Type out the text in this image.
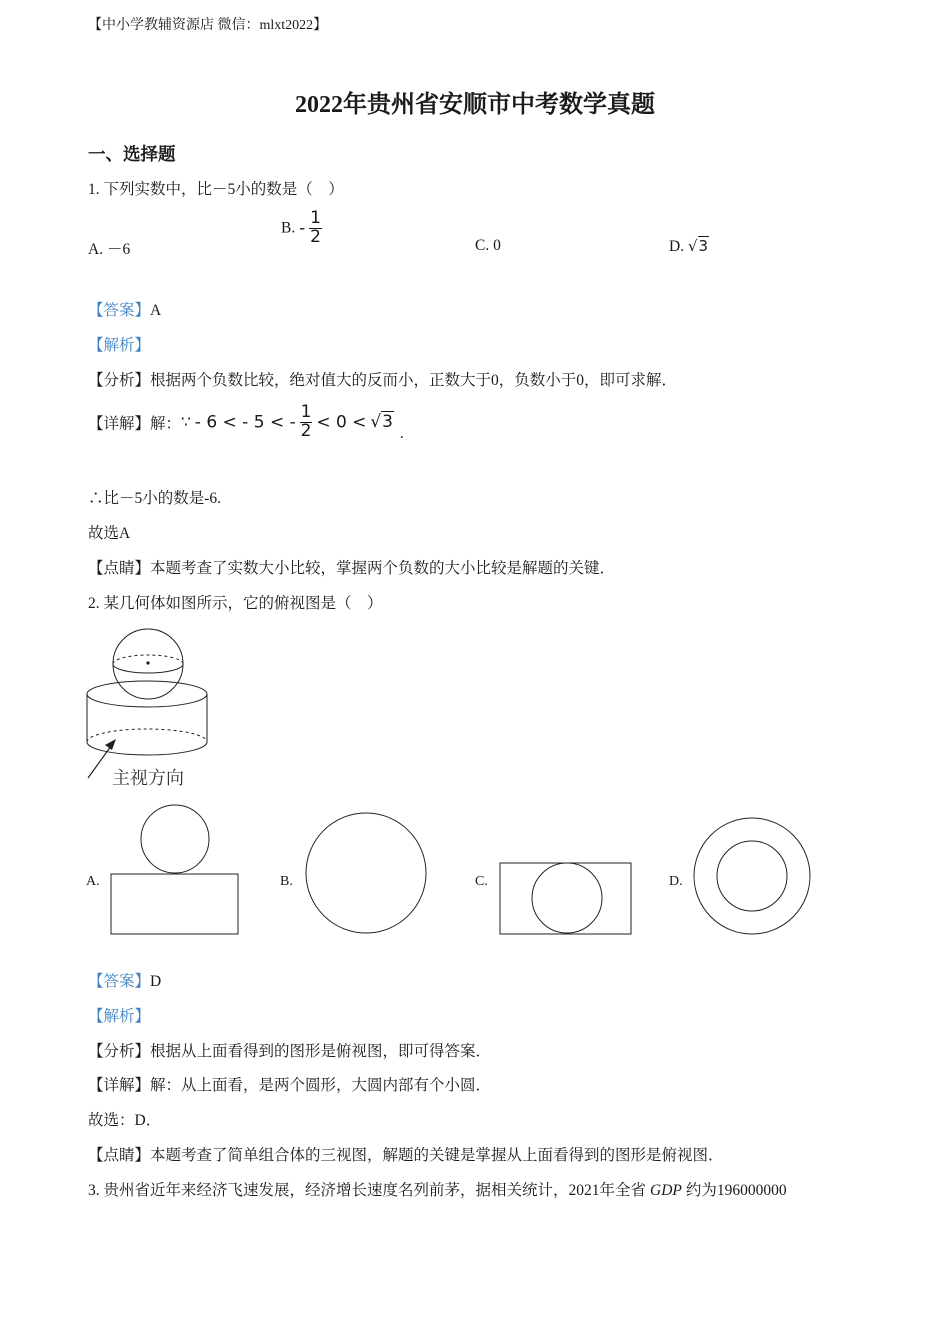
【中小学教辅资源店 微信：mlxt2022】
2022年贵州省安顺市中考数学真题
一、选择题
1. 下列实数中，比－5小的数是（　）
A. －6
B. - $\frac{1}{2}$	C. 0	D. √3
【答案】A
【解析】
【分析】根据两个负数比较，绝对值大的反而小，正数大于0，负数小于0，即可求解．
【详解】解：∵ - 6 < - 5 < - $\frac{1}{2} < 0 < √3$ .
∴比－5小的数是-6.
故选A
【点睛】本题考查了实数大小比较，掌握两个负数的大小比较是解题的关键．
2. 某几何体如图所示，它的俯视图是（　）
主视方向
A.	B.	C.	D.
【答案】D
【解析】
【分析】根据从上面看得到的图形是俯视图，即可得答案．
【详解】解：从上面看，是两个圆形，大圆内部有个小圆．
故选：D．
【点睛】本题考查了简单组合体的三视图，解题的关键是掌握从上面看得到的图形是俯视图．
3. 贵州省近年来经济飞速发展，经济增长速度名列前茅，据相关统计，2021年全省 GDP 约为196000000
